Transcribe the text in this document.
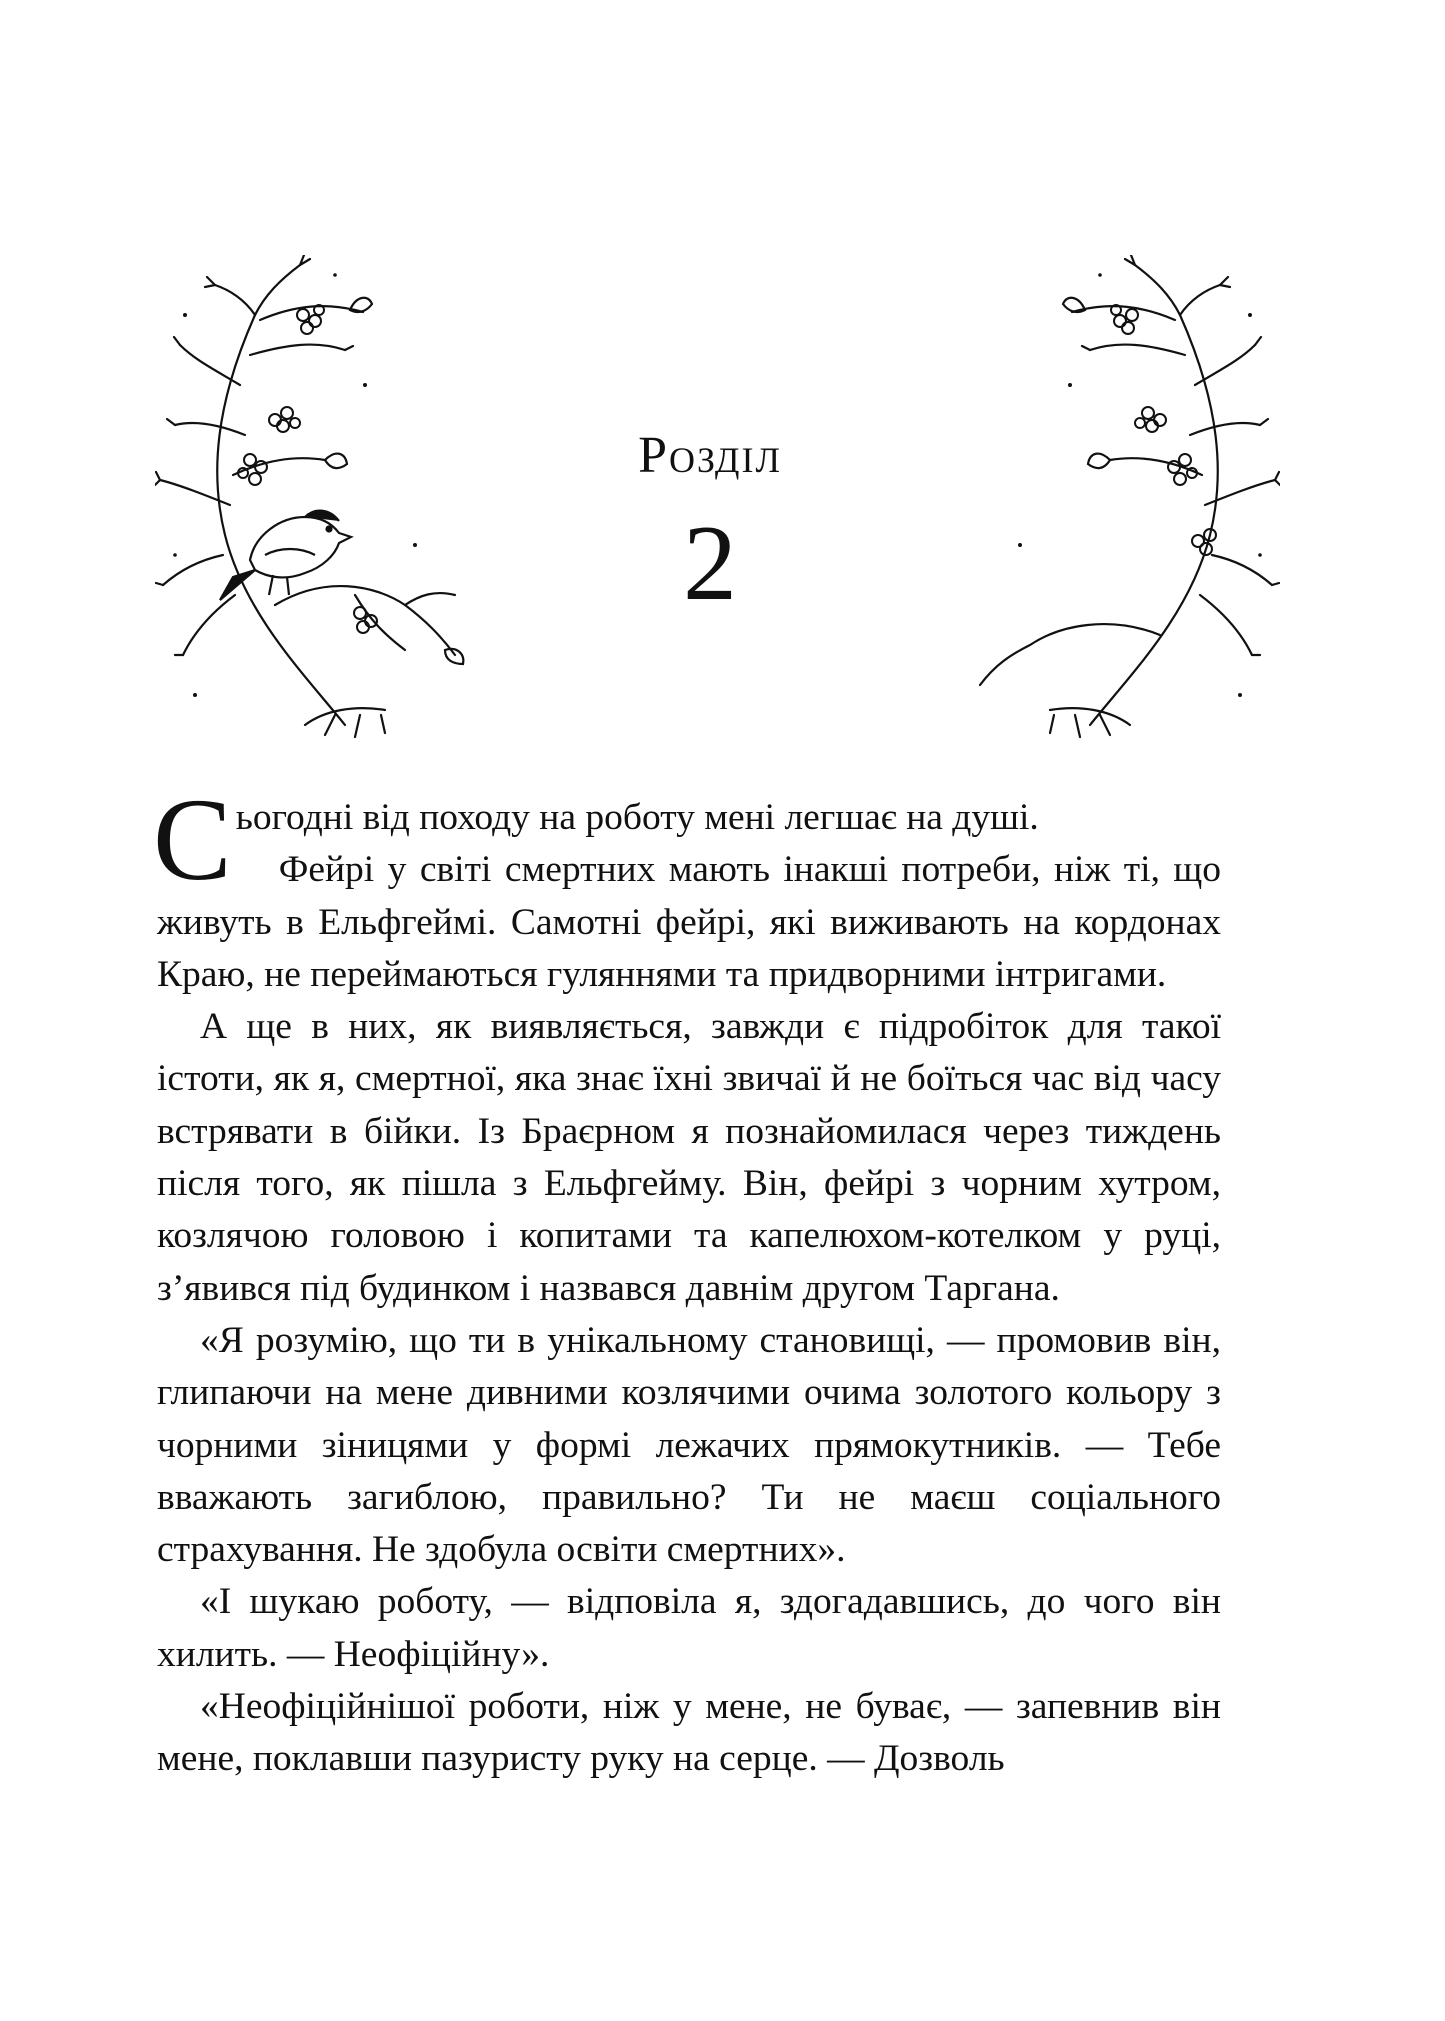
Розділ
2

Сьогодні від походу на роботу мені легшає на душі.

Фейрі у світі смертних мають інакші потреби, ніж ті, що живуть в Ельфгеймі. Самотні фейрі, які виживають на кордонах Краю, не переймаються гуляннями та придворними інтригами.

А ще в них, як виявляється, завжди є підробіток для такої істоти, як я, смертної, яка знає їхні звичаї й не боїться час від часу встрявати в бійки. Із Браєрном я познайомилася через тиждень після того, як пішла з Ельфгейму. Він, фейрі з чорним хутром, козлячою головою і копитами та капелюхом-котелком у руці, з’явився під будинком і назвався давнім другом Таргана.

«Я розумію, що ти в унікальному становищі, — промовив він, глипаючи на мене дивними козлячими очима золотого кольору з чорними зіницями у формі лежачих прямокутників. — Тебе вважають загиблою, правильно? Ти не маєш соціального страхування. Не здобула освіти смертних».

«І шукаю роботу, — відповіла я, здогадавшись, до чого він хилить. — Неофіційну».

«Неофіційнішої роботи, ніж у мене, не буває, — запевнив він мене, поклавши пазуристу руку на серце. — Дозволь
